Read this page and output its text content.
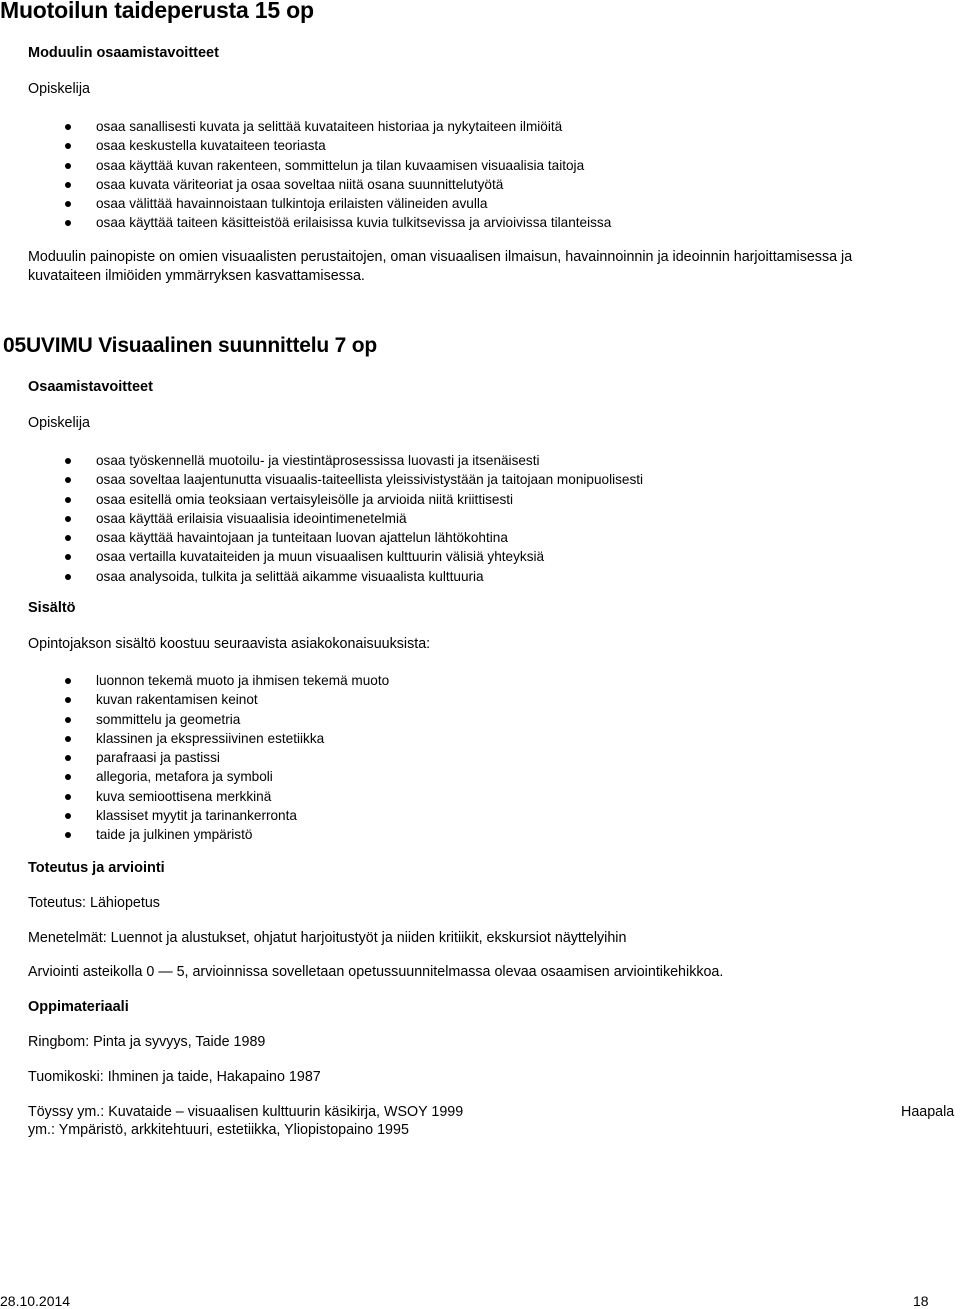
Muotoilun taideperusta 15 op
Moduulin osaamistavoitteet
Opiskelija
osaa sanallisesti kuvata ja selittää kuvataiteen historiaa ja nykytaiteen ilmiöitä
osaa keskustella kuvataiteen teoriasta
osaa käyttää kuvan rakenteen, sommittelun ja tilan kuvaamisen visuaalisia taitoja
osaa kuvata väriteoriat ja osaa soveltaa niitä osana suunnittelutyötä
osaa välittää havainnoistaan tulkintoja erilaisten välineiden avulla
osaa käyttää taiteen käsitteistöä erilaisissa kuvia tulkitsevissa ja arvioivissa tilanteissa
Moduulin painopiste on omien visuaalisten perustaitojen, oman visuaalisen ilmaisun, havainnoinnin ja ideoinnin harjoittamisessa ja kuvataiteen ilmiöiden ymmärryksen kasvattamisessa.
05UVIMU Visuaalinen suunnittelu 7 op
Osaamistavoitteet
Opiskelija
osaa työskennellä muotoilu- ja viestintäprosessissa luovasti ja itsenäisesti
osaa soveltaa laajentunutta visuaalis-taiteellista yleissivistystään ja taitojaan monipuolisesti
osaa esitellä omia teoksiaan vertaisyleisölle ja arvioida niitä kriittisesti
osaa käyttää erilaisia visuaalisia ideointimenetelmiä
osaa käyttää havaintojaan ja tunteitaan luovan ajattelun lähtökohtina
osaa vertailla kuvataiteiden ja muun visuaalisen kulttuurin välisiä yhteyksiä
osaa analysoida, tulkita ja selittää aikamme visuaalista kulttuuria
Sisältö
Opintojakson sisältö koostuu seuraavista asiakokonaisuuksista:
luonnon tekemä muoto ja ihmisen tekemä muoto
kuvan rakentamisen keinot
sommittelu ja geometria
klassinen ja ekspressiivinen estetiikka
parafraasi ja pastissi
allegoria, metafora ja symboli
kuva semioottisena merkkinä
klassiset myytit ja tarinankerronta
taide ja julkinen ympäristö
Toteutus ja arviointi
Toteutus: Lähiopetus
Menetelmät: Luennot ja alustukset, ohjatut harjoitustyöt ja niiden kritiikit, ekskursiot näyttelyihin
Arviointi asteikolla 0 — 5, arvioinnissa sovelletaan opetussuunnitelmassa olevaa osaamisen arviointikehikkoa.
Oppimateriaali
Ringbom: Pinta ja syvyys, Taide 1989
Tuomikoski: Ihminen ja taide, Hakapaino 1987
Töyssy ym.: Kuvataide – visuaalisen kulttuurin käsikirja, WSOY 1999	Haapala
ym.: Ympäristö, arkkitehtuuri, estetiikka, Yliopistopaino 1995
28.10.2014	18
